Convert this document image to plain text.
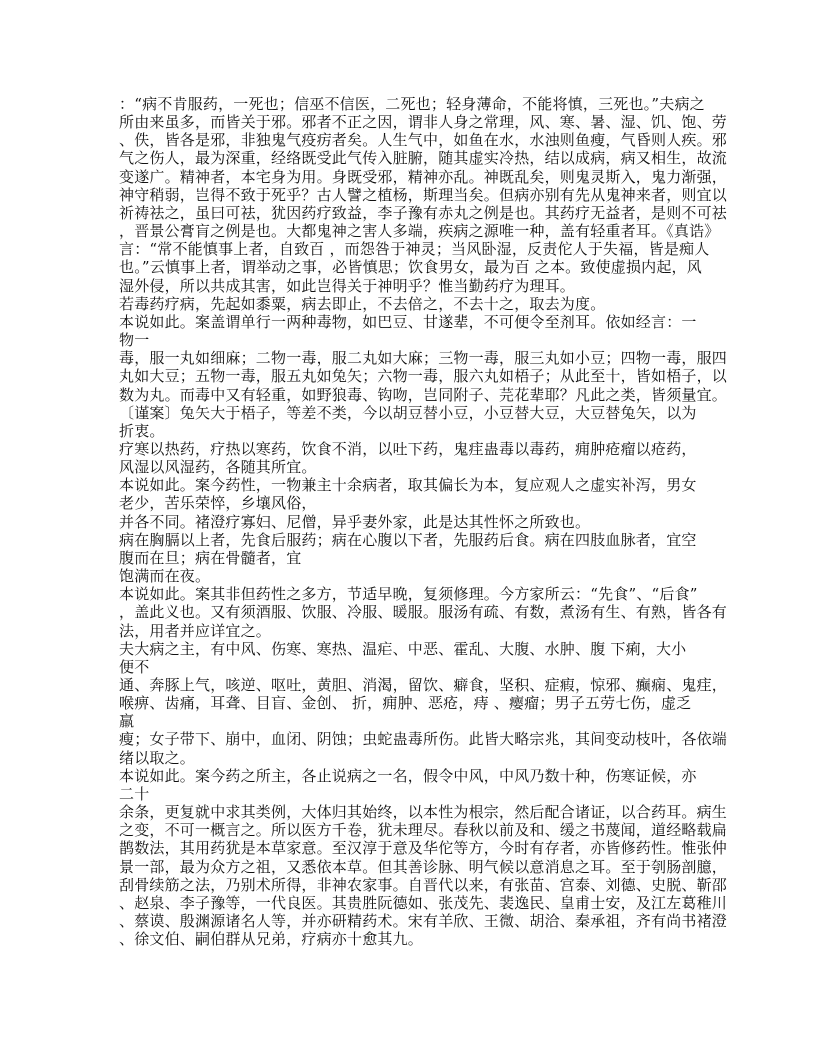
：“病不肯服药，一死也；信巫不信医，二死也；轻身薄命，不能将慎，三死也。”夫病之
所由来虽多，而皆关于邪。邪者不正之因，谓非人身之常理，风、寒、暑、湿、饥、饱、劳
、佚，皆各是邪，非独鬼气疫疠者矣。人生气中，如鱼在水，水浊则鱼瘦，气昏则人疾。邪
气之伤人，最为深重，经络既受此气传入脏腑，随其虚实冷热，结以成病，病又相生，故流
变遂广。精神者，本宅身为用。身既受邪，精神亦乱。神既乱矣，则鬼灵斯入，鬼力渐强，
神守稍弱，岂得不致于死乎？古人譬之植杨，斯理当矣。但病亦别有先从鬼神来者，则宜以
祈祷祛之，虽曰可祛，犹因药疗致益，李子豫有赤丸之例是也。其药疗无益者，是则不可祛
，晋景公膏肓之例是也。大都鬼神之害人多端，疾病之源唯一种，盖有轻重者耳。《真诰》
言：“常不能慎事上者，自致百 ，而怨咎于神灵；当风卧湿，反责佗人于失福，皆是痴人
也。”云慎事上者，谓举动之事，必皆慎思；饮食男女，最为百 之本。致使虚损内起，风
湿外侵，所以共成其害，如此岂得关于神明乎？惟当勤药疗为理耳。
若毒药疗病，先起如黍粟，病去即止，不去倍之，不去十之，取去为度。
本说如此。案盖谓单行一两种毒物，如巴豆、甘遂辈，不可便令至剂耳。依如经言：一
物一
毒，服一丸如细麻；二物一毒，服二丸如大麻；三物一毒，服三丸如小豆；四物一毒，服四
丸如大豆；五物一毒，服五丸如兔矢；六物一毒，服六丸如梧子；从此至十，皆如梧子，以
数为丸。而毒中又有轻重，如野狼毒、钩吻，岂同附子、芫花辈耶？凡此之类，皆须量宜。
〔谨案〕兔矢大于梧子，等差不类，今以胡豆替小豆，小豆替大豆，大豆替兔矢，以为
折衷。
疗寒以热药，疗热以寒药，饮食不消，以吐下药，鬼疰蛊毒以毒药，痈肿疮瘤以疮药，
风湿以风湿药，各随其所宜。
本说如此。案今药性，一物兼主十余病者，取其偏长为本，复应观人之虚实补泻，男女
老少，苦乐荣悴，乡壤风俗，
并各不同。褚澄疗寡妇、尼僧，异乎妻外家，此是达其性怀之所致也。
病在胸膈以上者，先食后服药；病在心腹以下者，先服药后食。病在四肢血脉者，宜空
腹而在旦；病在骨髓者，宜
饱满而在夜。
本说如此。案其非但药性之多方，节适早晚，复须修理。今方家所云：“先食”、“后食”
，盖此义也。又有须酒服、饮服、冷服、暖服。服汤有疏、有数，煮汤有生、有熟，皆各有
法，用者并应详宜之。
夫大病之主，有中风、伤寒、寒热、温疟、中恶、霍乱、大腹、水肿、腹 下痢，大小
便不
通、奔豚上气，咳逆、呕吐，黄胆、消渴，留饮、癖食，坚积、症瘕，惊邪、癫痫、鬼疰，
喉痹、齿痛，耳聋、目盲、金创、 折，痈肿、恶疮，痔 、瘿瘤；男子五劳七伤，虚乏
羸
瘦；女子带下、崩中，血闭、阴蚀；虫蛇蛊毒所伤。此皆大略宗兆，其间变动枝叶，各依端
绪以取之。
本说如此。案今药之所主，各止说病之一名，假令中风，中风乃数十种，伤寒证候，亦
二十
余条，更复就中求其类例，大体归其始终，以本性为根宗，然后配合诸证，以合药耳。病生
之变，不可一概言之。所以医方千卷，犹未理尽。春秋以前及和、缓之书蔑闻，道经略载扁
鹊数法，其用药犹是本草家意。至汉淳于意及华佗等方，今时有存者，亦皆修药性。惟张仲
景一部，最为众方之祖，又悉依本草。但其善诊脉、明气候以意消息之耳。至于刳肠剖臆，
刮骨续筋之法，乃别术所得，非神农家事。自晋代以来，有张苗、宫泰、刘德、史脱、靳邵
、赵泉、李子豫等，一代良医。其贵胜阮德如、张茂先、裴逸民、皇甫士安，及江左葛稚川
、蔡谟、殷渊源诸名人等，并亦研精药术。宋有羊欣、王微、胡洽、秦承祖，齐有尚书褚澄
、徐文伯、嗣伯群从兄弟，疗病亦十愈其九。
